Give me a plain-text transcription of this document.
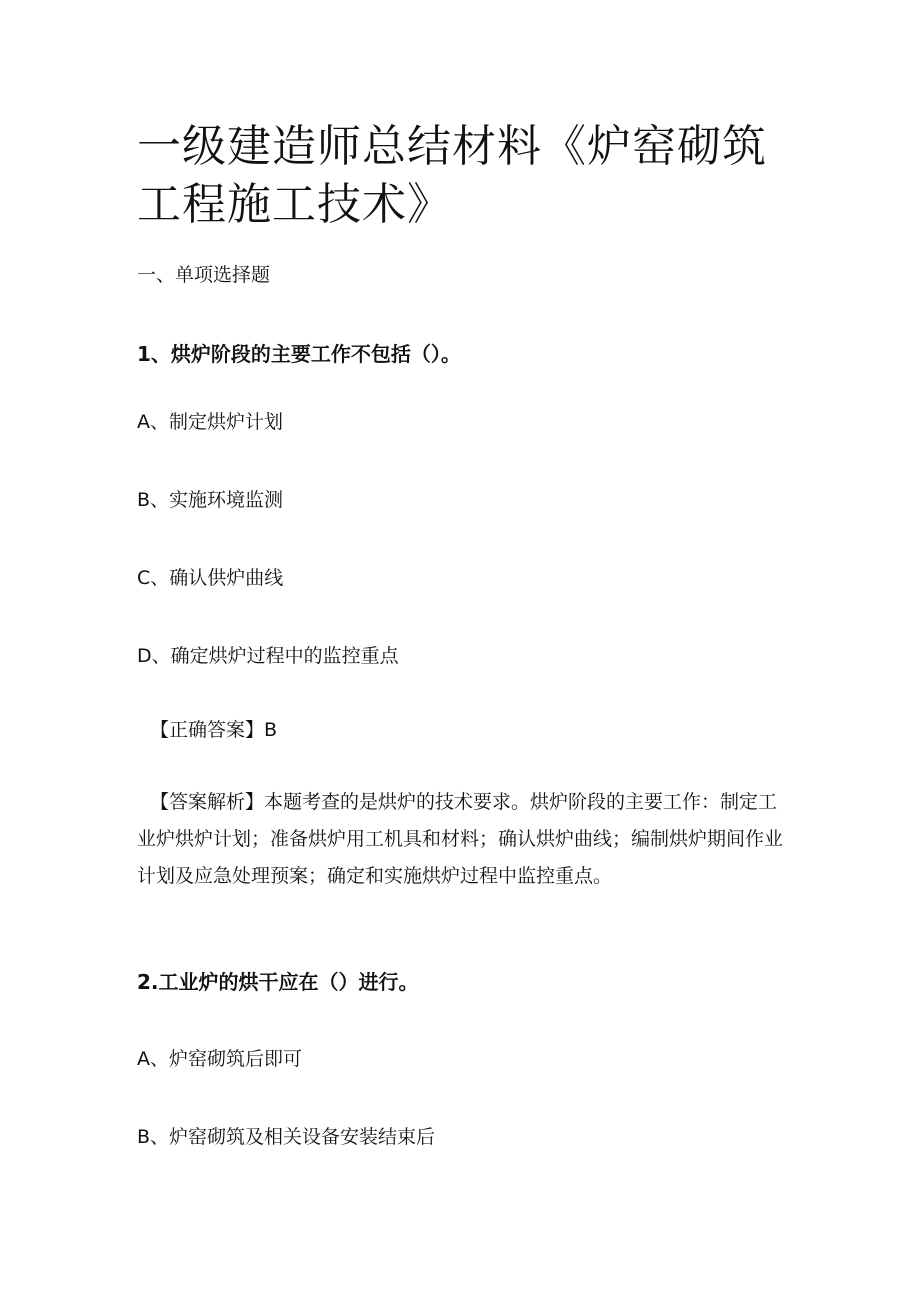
一级建造师总结材料《炉窑砌筑工程施工技术》

一、单项选择题

1、烘炉阶段的主要工作不包括（）。

A、制定烘炉计划

B、实施环境监测

C、确认供炉曲线

D、确定烘炉过程中的监控重点

【正确答案】B

【答案解析】本题考查的是烘炉的技术要求。烘炉阶段的主要工作：制定工业炉烘炉计划；准备烘炉用工机具和材料；确认烘炉曲线；编制烘炉期间作业计划及应急处理预案；确定和实施烘炉过程中监控重点。

2.工业炉的烘干应在（）进行。

A、炉窑砌筑后即可

B、炉窑砌筑及相关设备安装结束后
